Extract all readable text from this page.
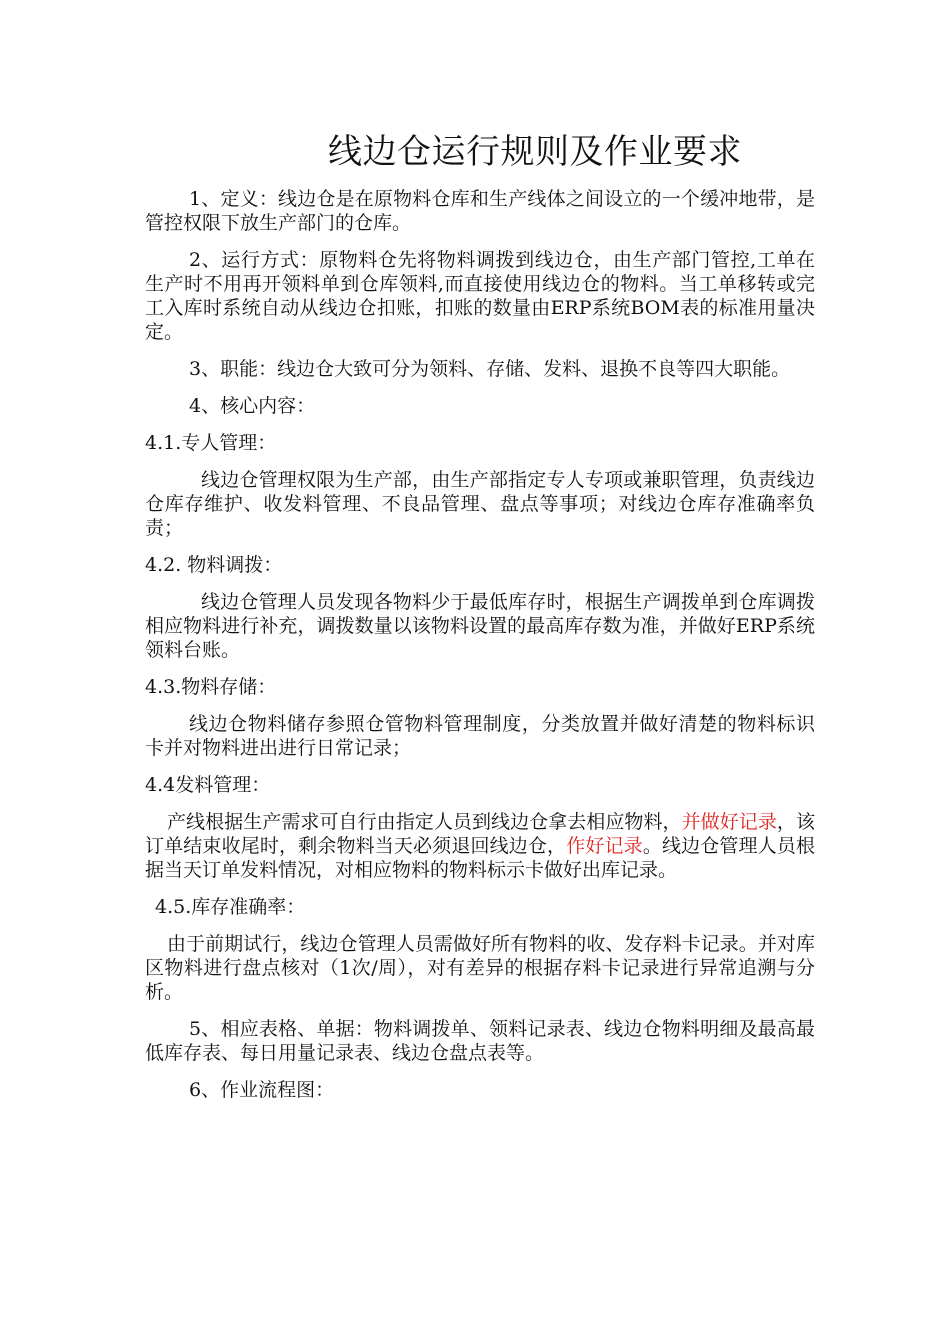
线边仓运行规则及作业要求

1、定义：线边仓是在原物料仓库和生产线体之间设立的一个缓冲地带，是管控权限下放生产部门的仓库。

2、运行方式：原物料仓先将物料调拨到线边仓，由生产部门管控,工单在生产时不用再开领料单到仓库领料,而直接使用线边仓的物料。当工单移转或完工入库时系统自动从线边仓扣账，扣账的数量由ERP系统BOM表的标准用量决定。

3、职能：线边仓大致可分为领料、存储、发料、退换不良等四大职能。

4、核心内容：

4.1.专人管理：

线边仓管理权限为生产部，由生产部指定专人专项或兼职管理，负责线边仓库存维护、收发料管理、不良品管理、盘点等事项；对线边仓库存准确率负责；

4.2. 物料调拨：

线边仓管理人员发现各物料少于最低库存时，根据生产调拨单到仓库调拨相应物料进行补充，调拨数量以该物料设置的最高库存数为准，并做好ERP系统领料台账。

4.3.物料存储：

线边仓物料储存参照仓管物料管理制度，分类放置并做好清楚的物料标识卡并对物料进出进行日常记录；

4.4发料管理：

产线根据生产需求可自行由指定人员到线边仓拿去相应物料，并做好记录，该订单结束收尾时，剩余物料当天必须退回线边仓，作好记录。线边仓管理人员根据当天订单发料情况，对相应物料的物料标示卡做好出库记录。

4.5.库存准确率：

由于前期试行，线边仓管理人员需做好所有物料的收、发存料卡记录。并对库区物料进行盘点核对（1次/周），对有差异的根据存料卡记录进行异常追溯与分析。

5、相应表格、单据：物料调拨单、领料记录表、线边仓物料明细及最高最低库存表、每日用量记录表、线边仓盘点表等。

6、作业流程图：
